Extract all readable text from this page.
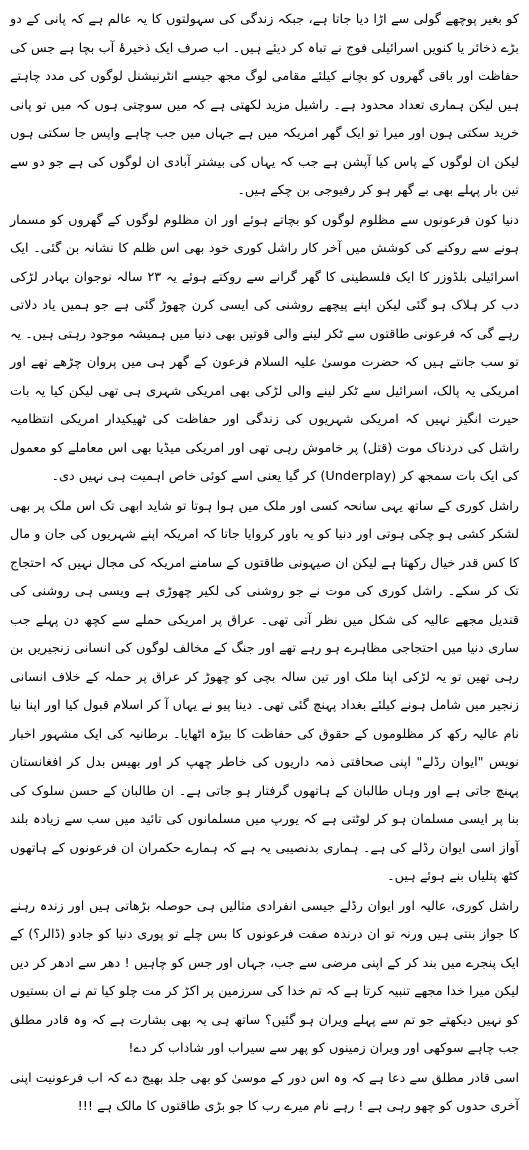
کو بغیر پوچھے گولی سے اڑا دیا جاتا ہے، جبکہ زندگی کی سہولتوں کا یہ عالم ہے کہ پانی کے دو بڑے ذخائر یا کنویں اسرائیلی فوج نے تباہ کر دیئے ہیں۔ اب صرف ایک ذخیرۂ آب بچا ہے جس کی حفاظت اور باقی گھروں کو بچانے کیلئے مقامی لوگ مجھ جیسے انٹرنیشنل لوگوں کی مدد چاہتے ہیں لیکن ہماری تعداد محدود ہے۔ راشیل مزید لکھتی ہے کہ میں سوچتی ہوں کہ میں تو پانی خرید سکتی ہوں اور میرا تو ایک گھر امریکہ میں ہے جہاں میں جب چاہے واپس جا سکتی ہوں لیکن ان لوگوں کے پاس کیا آپشن ہے جب کہ یہاں کی بیشتر آبادی ان لوگوں کی ہے جو دو سے تین بار پہلے بھی بے گھر ہو کر رفیوجی بن چکے ہیں۔

دنیا کون فرعونوں سے مظلوم لوگوں کو بچاتے ہوئے اور ان مظلوم لوگوں کے گھروں کو مسمار ہونے سے روکنے کی کوشش میں آخر کار راشل کوری خود بھی اس ظلم کا نشانہ بن گئی۔ ایک اسرائیلی بلڈوزر کا ایک فلسطینی کا گھر گرانے سے روکتے ہوئے یہ ۲۳ سالہ نوجوان بہادر لڑکی دب کر ہلاک ہو گئی لیکن اپنے پیچھے روشنی کی ایسی کرن چھوڑ گئی ہے جو ہمیں یاد دلاتی رہے گی کہ فرعونی طاقتوں سے ٹکر لینے والی قوتیں بھی دنیا میں ہمیشہ موجود رہتی ہیں۔ یہ تو سب جانتے ہیں کہ حضرت موسیٰ علیہ السلام فرعون کے گھر ہی میں پروان چڑھے تھے اور امریکی یہ پالک، اسرائیل سے ٹکر لینے والی لڑکی بھی امریکی شہری ہی تھی لیکن کیا یہ بات حیرت انگیز نہیں کہ امریکی شہریوں کی زندگی اور حفاظت کی ٹھیکیدار امریکی انتظامیہ راشل کی دردناک موت (قتل) پر خاموش رہی تھی اور امریکی میڈیا بھی اس معاملے کو معمول کی ایک بات سمجھ کر (Underplay) کر گیا یعنی اسے کوئی خاص اہمیت ہی نہیں دی۔

راشل کوری کے ساتھ یہی سانحہ کسی اور ملک میں ہوا ہوتا تو شاید ابھی تک اس ملک پر بھی لشکر کشی ہو چکی ہوتی اور دنیا کو یہ باور کروایا جاتا کہ امریکہ اپنے شہریوں کی جان و مال کا کس قدر خیال رکھتا ہے لیکن ان صیہونی طاقتوں کے سامنے امریکہ کی مجال نہیں کہ احتجاج تک کر سکے۔ راشل کوری کی موت نے جو روشنی کی لکیر چھوڑی ہے ویسی ہی روشنی کی قندیل مجھے عالیہ کی شکل میں نظر آتی تھی۔ عراق پر امریکی حملے سے کچھ دن پہلے جب ساری دنیا میں احتجاجی مظاہرے ہو رہے تھے اور جنگ کے مخالف لوگوں کی انسانی زنجیریں بن رہی تھیں تو یہ لڑکی اپنا ملک اور تین سالہ بچی کو چھوڑ کر عراق پر حملہ کے خلاف انسانی زنجیر میں شامل ہونے کیلئے بغداد پہنچ گئی تھی۔ دینا پیو نے یہاں آ کر اسلام قبول کیا اور اپنا نیا نام عالیہ رکھ کر مظلوموں کے حقوق کی حفاظت کا بیڑہ اٹھایا۔ برطانیہ کی ایک مشہور اخبار نویس "ایوان رڈلے" اپنی صحافتی ذمہ داریوں کی خاطر چھپ کر اور بھیس بدل کر افغانستان پہنچ جاتی ہے اور وہاں طالبان کے ہاتھوں گرفتار ہو جاتی ہے۔ ان طالبان کے حسن سلوک کی بنا پر ایسی مسلمان ہو کر لوٹتی ہے کہ یورپ میں مسلمانوں کی تائید میں سب سے زیادہ بلند آواز اسی ایوان رڈلے کی ہے۔ ہماری بدنصیبی یہ ہے کہ ہمارے حکمران ان فرعونوں کے ہاتھوں کٹھ پتلیاں بنے ہوئے ہیں۔

راشل کوری، عالیہ اور ایوان رڈلے جیسی انفرادی مثالیں ہی حوصلہ بڑھاتی ہیں اور زندہ رہنے کا جواز بنتی ہیں ورنہ تو ان درندہ صفت فرعونوں کا بس چلے تو پوری دنیا کو جادو (ڈالر؟) کے ایک پنجرے میں بند کر کے اپنی مرضی سے جب، جہاں اور جس کو چاہیں ! دھر سے ادھر کر دیں لیکن میرا خدا مجھے تنبیہ کرتا ہے کہ تم خدا کی سرزمین پر اکڑ کر مت چلو کیا تم نے ان بستیوں کو نہیں دیکھتے جو تم سے پہلے ویران ہو گئیں؟ ساتھ ہی یہ بھی بشارت ہے کہ وہ قادر مطلق جب چاہے سوکھی اور ویران زمینوں کو پھر سے سیراب اور شاداب کر دے!

اسی قادر مطلق سے دعا ہے کہ وہ اس دور کے موسیٰ کو بھی جلد بھیج دے کہ اب فرعونیت اپنی آخری حدوں کو چھو رہی ہے ! رہے نام میرے رب کا جو بڑی طاقتوں کا مالک ہے !!!
